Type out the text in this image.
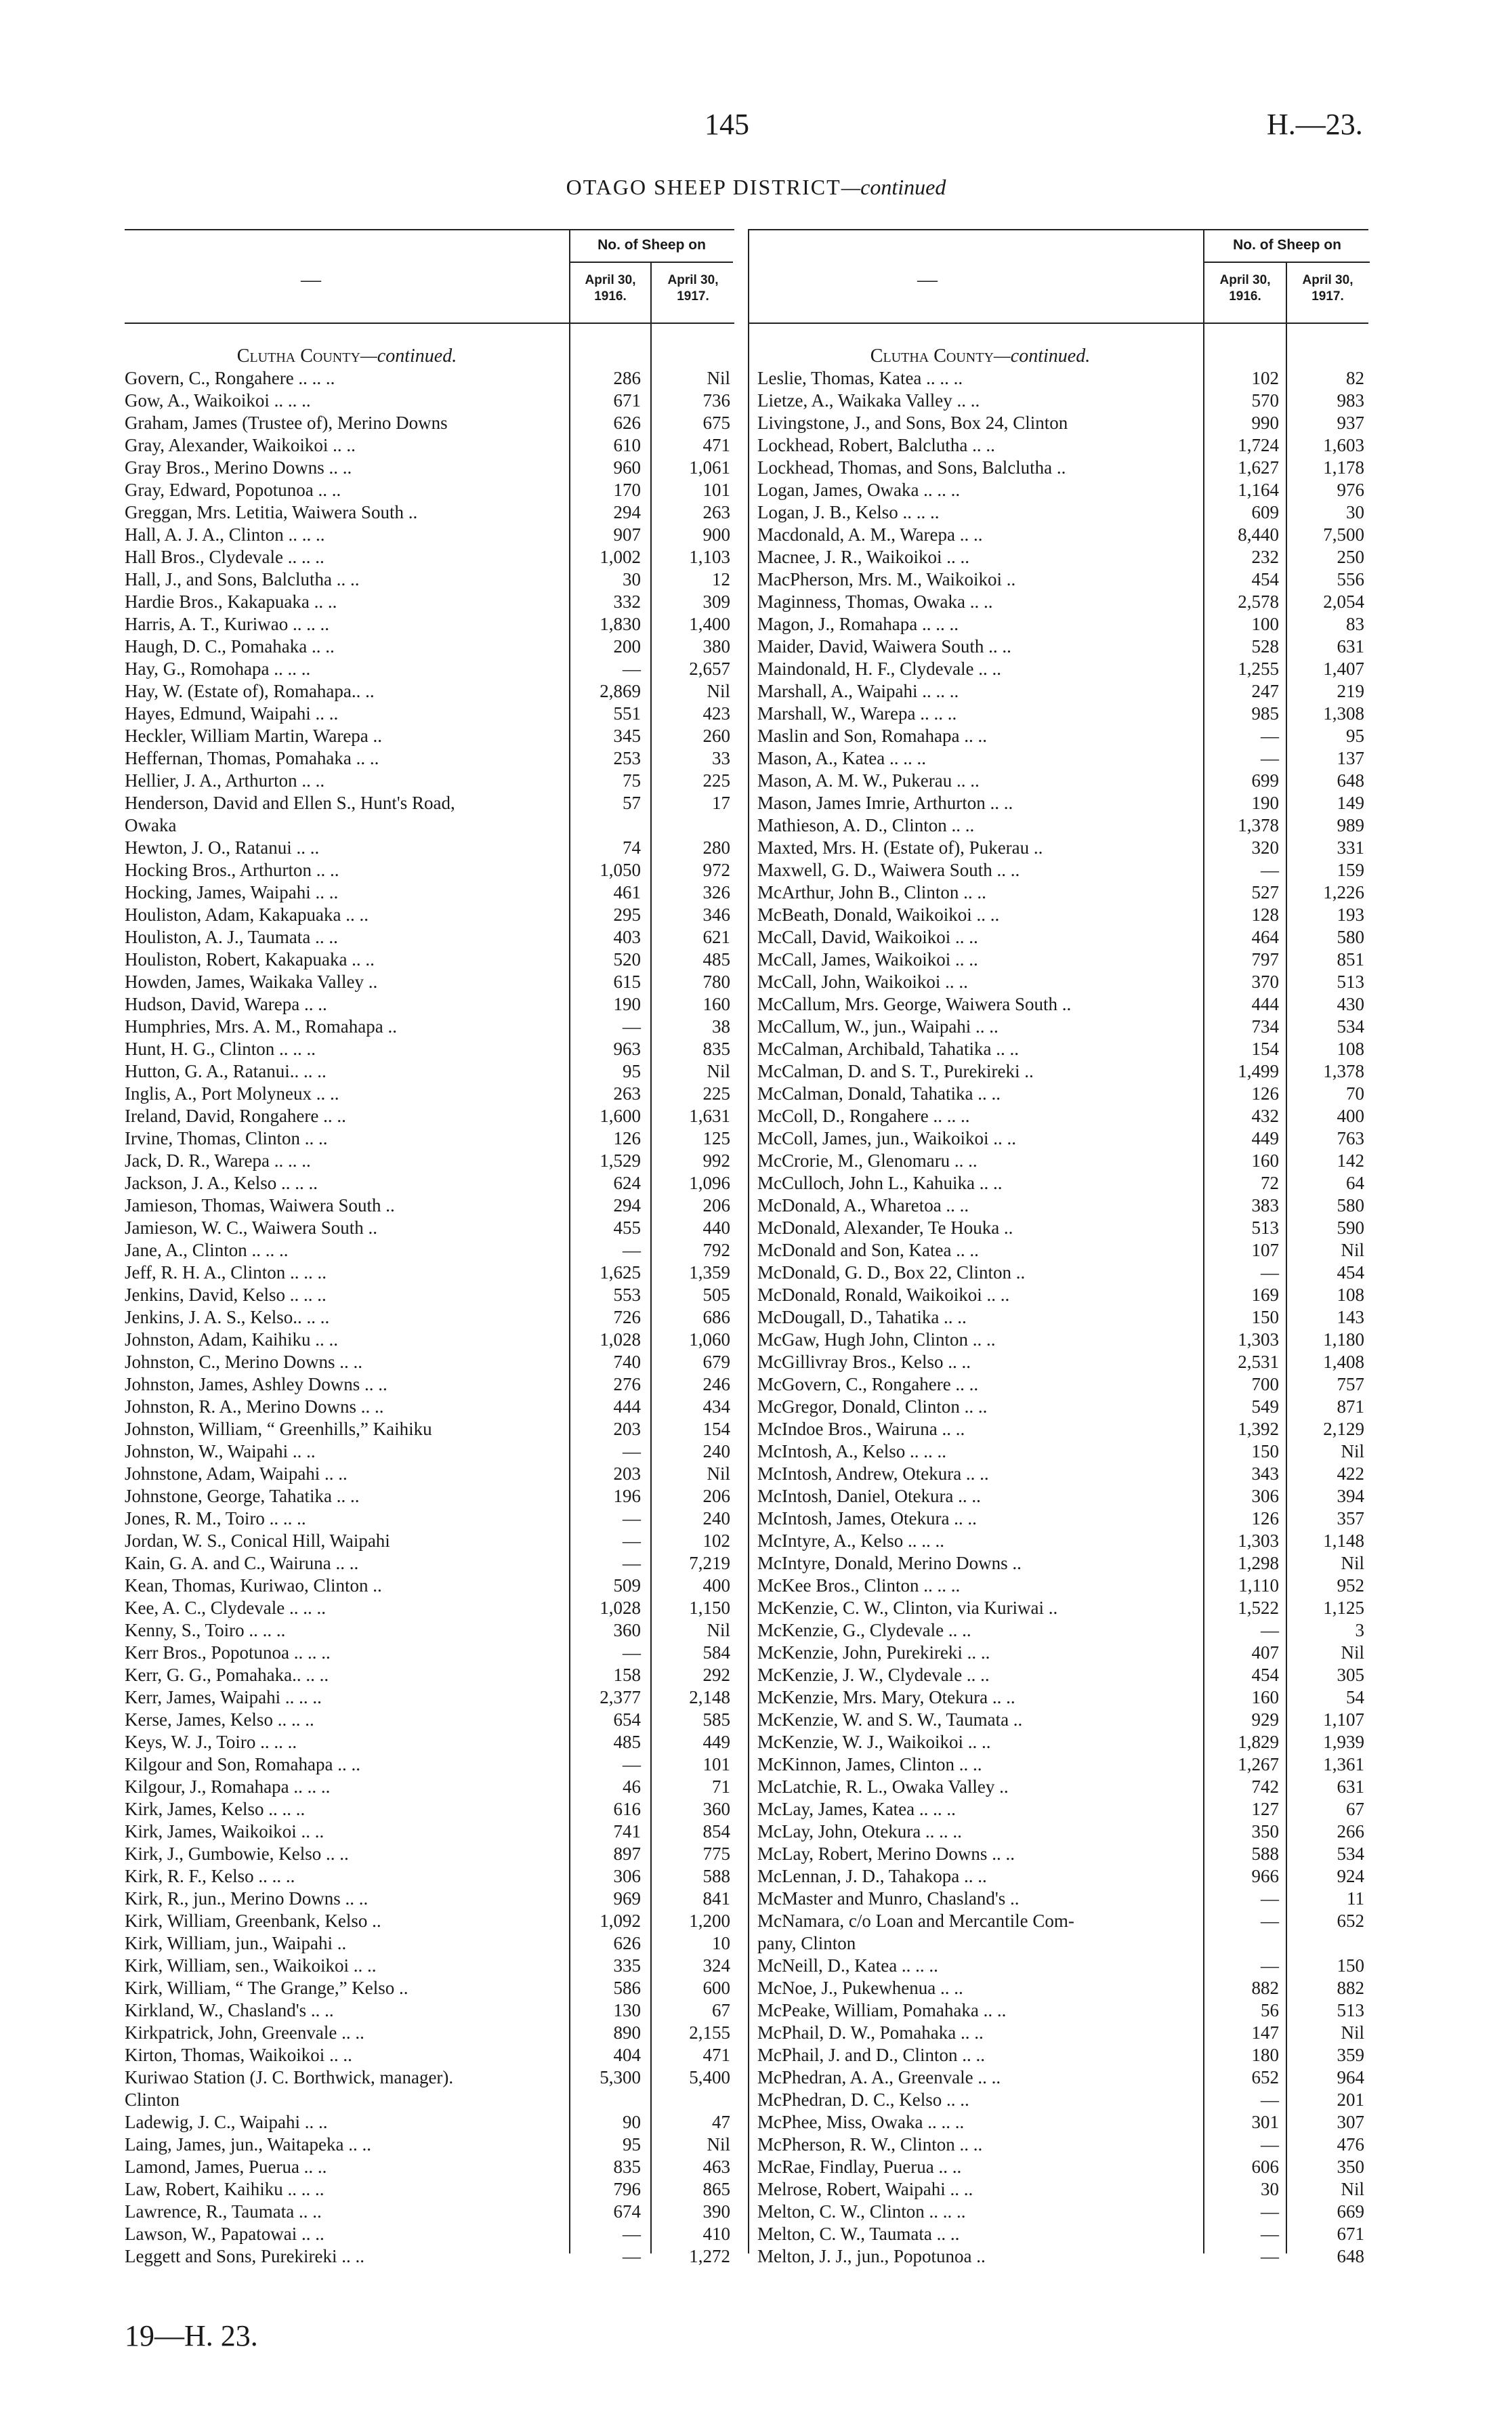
145	H.—23.
OTAGO SHEEP DISTRICT—continued
—
No. of Sheep on
April 30,
1916.
April 30,
1917.
—
No. of Sheep on
April 30,
1916.
April 30,
1917.
Clutha County—continued.	Clutha County—continued.
Govern, C., Rongahere .. .. ..	286	Nil
Gow, A., Waikoikoi .. .. ..	671	736
Graham, James (Trustee of), Merino Downs	626	675
Gray, Alexander, Waikoikoi .. ..	610	471
Gray Bros., Merino Downs .. ..	960	1,061
Gray, Edward, Popotunoa .. ..	170	101
Greggan, Mrs. Letitia, Waiwera South ..	294	263
Hall, A. J. A., Clinton .. .. ..	907	900
Hall Bros., Clydevale .. .. ..	1,002	1,103
Hall, J., and Sons, Balclutha .. ..	30	12
Hardie Bros., Kakapuaka .. ..	332	309
Harris, A. T., Kuriwao .. .. ..	1,830	1,400
Haugh, D. C., Pomahaka .. ..	200	380
Hay, G., Romohapa .. .. ..	—	2,657
Hay, W. (Estate of), Romahapa.. ..	2,869	Nil
Hayes, Edmund, Waipahi .. ..	551	423
Heckler, William Martin, Warepa ..	345	260
Heffernan, Thomas, Pomahaka .. ..	253	33
Hellier, J. A., Arthurton .. ..	75	225
Henderson, David and Ellen S., Hunt's Road,	57	17
Owaka
Hewton, J. O., Ratanui .. ..	74	280
Hocking Bros., Arthurton .. ..	1,050	972
Hocking, James, Waipahi .. ..	461	326
Houliston, Adam, Kakapuaka .. ..	295	346
Houliston, A. J., Taumata .. ..	403	621
Houliston, Robert, Kakapuaka .. ..	520	485
Howden, James, Waikaka Valley ..	615	780
Hudson, David, Warepa .. ..	190	160
Humphries, Mrs. A. M., Romahapa ..	—	38
Hunt, H. G., Clinton .. .. ..	963	835
Hutton, G. A., Ratanui.. .. ..	95	Nil
Inglis, A., Port Molyneux .. ..	263	225
Ireland, David, Rongahere .. ..	1,600	1,631
Irvine, Thomas, Clinton .. ..	126	125
Jack, D. R., Warepa .. .. ..	1,529	992
Jackson, J. A., Kelso .. .. ..	624	1,096
Jamieson, Thomas, Waiwera South ..	294	206
Jamieson, W. C., Waiwera South ..	455	440
Jane, A., Clinton .. .. ..	—	792
Jeff, R. H. A., Clinton .. .. ..	1,625	1,359
Jenkins, David, Kelso .. .. ..	553	505
Jenkins, J. A. S., Kelso.. .. ..	726	686
Johnston, Adam, Kaihiku .. ..	1,028	1,060
Johnston, C., Merino Downs .. ..	740	679
Johnston, James, Ashley Downs .. ..	276	246
Johnston, R. A., Merino Downs .. ..	444	434
Johnston, William, “ Greenhills,” Kaihiku	203	154
Johnston, W., Waipahi .. ..	—	240
Johnstone, Adam, Waipahi .. ..	203	Nil
Johnstone, George, Tahatika .. ..	196	206
Jones, R. M., Toiro .. .. ..	—	240
Jordan, W. S., Conical Hill, Waipahi	—	102
Kain, G. A. and C., Wairuna .. ..	—	7,219
Kean, Thomas, Kuriwao, Clinton ..	509	400
Kee, A. C., Clydevale .. .. ..	1,028	1,150
Kenny, S., Toiro .. .. ..	360	Nil
Kerr Bros., Popotunoa .. .. ..	—	584
Kerr, G. G., Pomahaka.. .. ..	158	292
Kerr, James, Waipahi .. .. ..	2,377	2,148
Kerse, James, Kelso .. .. ..	654	585
Keys, W. J., Toiro .. .. ..	485	449
Kilgour and Son, Romahapa .. ..	—	101
Kilgour, J., Romahapa .. .. ..	46	71
Kirk, James, Kelso .. .. ..	616	360
Kirk, James, Waikoikoi .. ..	741	854
Kirk, J., Gumbowie, Kelso .. ..	897	775
Kirk, R. F., Kelso .. .. ..	306	588
Kirk, R., jun., Merino Downs .. ..	969	841
Kirk, William, Greenbank, Kelso ..	1,092	1,200
Kirk, William, jun., Waipahi ..	626	10
Kirk, William, sen., Waikoikoi .. ..	335	324
Kirk, William, “ The Grange,” Kelso ..	586	600
Kirkland, W., Chasland's .. ..	130	67
Kirkpatrick, John, Greenvale .. ..	890	2,155
Kirton, Thomas, Waikoikoi .. ..	404	471
Kuriwao Station (J. C. Borthwick, manager).	5,300	5,400
Clinton
Ladewig, J. C., Waipahi .. ..	90	47
Laing, James, jun., Waitapeka .. ..	95	Nil
Lamond, James, Puerua .. ..	835	463
Law, Robert, Kaihiku .. .. ..	796	865
Lawrence, R., Taumata .. ..	674	390
Lawson, W., Papatowai .. ..	—	410
Leggett and Sons, Purekireki .. ..	—	1,272
Leslie, Thomas, Katea .. .. ..	102	82
Lietze, A., Waikaka Valley .. ..	570	983
Livingstone, J., and Sons, Box 24, Clinton	990	937
Lockhead, Robert, Balclutha .. ..	1,724	1,603
Lockhead, Thomas, and Sons, Balclutha ..	1,627	1,178
Logan, James, Owaka .. .. ..	1,164	976
Logan, J. B., Kelso .. .. ..	609	30
Macdonald, A. M., Warepa .. ..	8,440	7,500
Macnee, J. R., Waikoikoi .. ..	232	250
MacPherson, Mrs. M., Waikoikoi ..	454	556
Maginness, Thomas, Owaka .. ..	2,578	2,054
Magon, J., Romahapa .. .. ..	100	83
Maider, David, Waiwera South .. ..	528	631
Maindonald, H. F., Clydevale .. ..	1,255	1,407
Marshall, A., Waipahi .. .. ..	247	219
Marshall, W., Warepa .. .. ..	985	1,308
Maslin and Son, Romahapa .. ..	—	95
Mason, A., Katea .. .. ..	—	137
Mason, A. M. W., Pukerau .. ..	699	648
Mason, James Imrie, Arthurton .. ..	190	149
Mathieson, A. D., Clinton .. ..	1,378	989
Maxted, Mrs. H. (Estate of), Pukerau ..	320	331
Maxwell, G. D., Waiwera South .. ..	—	159
McArthur, John B., Clinton .. ..	527	1,226
McBeath, Donald, Waikoikoi .. ..	128	193
McCall, David, Waikoikoi .. ..	464	580
McCall, James, Waikoikoi .. ..	797	851
McCall, John, Waikoikoi .. ..	370	513
McCallum, Mrs. George, Waiwera South ..	444	430
McCallum, W., jun., Waipahi .. ..	734	534
McCalman, Archibald, Tahatika .. ..	154	108
McCalman, D. and S. T., Purekireki ..	1,499	1,378
McCalman, Donald, Tahatika .. ..	126	70
McColl, D., Rongahere .. .. ..	432	400
McColl, James, jun., Waikoikoi .. ..	449	763
McCrorie, M., Glenomaru .. ..	160	142
McCulloch, John L., Kahuika .. ..	72	64
McDonald, A., Wharetoa .. ..	383	580
McDonald, Alexander, Te Houka ..	513	590
McDonald and Son, Katea .. ..	107	Nil
McDonald, G. D., Box 22, Clinton ..	—	454
McDonald, Ronald, Waikoikoi .. ..	169	108
McDougall, D., Tahatika .. ..	150	143
McGaw, Hugh John, Clinton .. ..	1,303	1,180
McGillivray Bros., Kelso .. ..	2,531	1,408
McGovern, C., Rongahere .. ..	700	757
McGregor, Donald, Clinton .. ..	549	871
McIndoe Bros., Wairuna .. ..	1,392	2,129
McIntosh, A., Kelso .. .. ..	150	Nil
McIntosh, Andrew, Otekura .. ..	343	422
McIntosh, Daniel, Otekura .. ..	306	394
McIntosh, James, Otekura .. ..	126	357
McIntyre, A., Kelso .. .. ..	1,303	1,148
McIntyre, Donald, Merino Downs ..	1,298	Nil
McKee Bros., Clinton .. .. ..	1,110	952
McKenzie, C. W., Clinton, via Kuriwai ..	1,522	1,125
McKenzie, G., Clydevale .. ..	—	3
McKenzie, John, Purekireki .. ..	407	Nil
McKenzie, J. W., Clydevale .. ..	454	305
McKenzie, Mrs. Mary, Otekura .. ..	160	54
McKenzie, W. and S. W., Taumata ..	929	1,107
McKenzie, W. J., Waikoikoi .. ..	1,829	1,939
McKinnon, James, Clinton .. ..	1,267	1,361
McLatchie, R. L., Owaka Valley ..	742	631
McLay, James, Katea .. .. ..	127	67
McLay, John, Otekura .. .. ..	350	266
McLay, Robert, Merino Downs .. ..	588	534
McLennan, J. D., Tahakopa .. ..	966	924
McMaster and Munro, Chasland's ..	—	11
McNamara, c/o Loan and Mercantile Com-	—	652
pany, Clinton
McNeill, D., Katea .. .. ..	—	150
McNoe, J., Pukewhenua .. ..	882	882
McPeake, William, Pomahaka .. ..	56	513
McPhail, D. W., Pomahaka .. ..	147	Nil
McPhail, J. and D., Clinton .. ..	180	359
McPhedran, A. A., Greenvale .. ..	652	964
McPhedran, D. C., Kelso .. ..	—	201
McPhee, Miss, Owaka .. .. ..	301	307
McPherson, R. W., Clinton .. ..	—	476
McRae, Findlay, Puerua .. ..	606	350
Melrose, Robert, Waipahi .. ..	30	Nil
Melton, C. W., Clinton .. .. ..	—	669
Melton, C. W., Taumata .. ..	—	671
Melton, J. J., jun., Popotunoa ..	—	648
19—H. 23.
